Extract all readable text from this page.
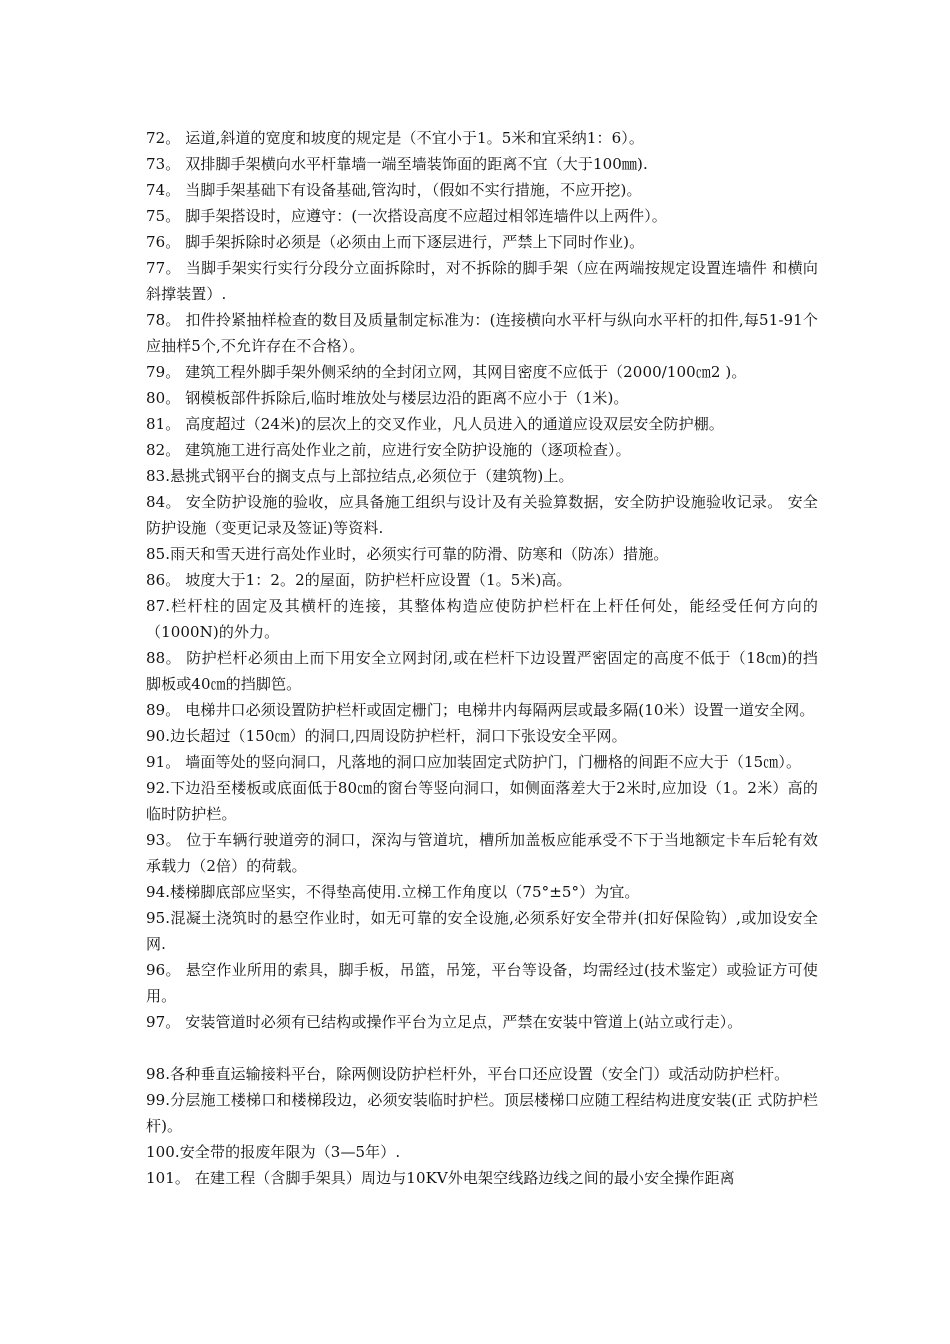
72。 运道,斜道的宽度和坡度的规定是（不宜小于1。5米和宜采纳1：6）。

73。 双排脚手架横向水平杆靠墙一端至墙装饰面的距离不宜（大于100㎜).

74。 当脚手架基础下有设备基础,管沟时，（假如不实行措施，不应开挖)。

75。 脚手架搭设时，应遵守：(一次搭设高度不应超过相邻连墙件以上两件）。

76。 脚手架拆除时必须是（必须由上而下逐层进行，严禁上下同时作业)。

77。 当脚手架实行实行分段分立面拆除时，对不拆除的脚手架（应在两端按规定设置连墙件 和横向斜撑装置）.

78。 扣件拎紧抽样检查的数目及质量制定标准为：(连接横向水平杆与纵向水平杆的扣件,每51-91个应抽样5个,不允许存在不合格）。

79。 建筑工程外脚手架外侧采纳的全封闭立网，其网目密度不应低于（2000/100㎝2 )。

80。 钢模板部件拆除后,临时堆放处与楼层边沿的距离不应小于（1米)。

81。 高度超过（24米)的层次上的交叉作业，凡人员进入的通道应设双层安全防护棚。

82。 建筑施工进行高处作业之前，应进行安全防护设施的（逐项检查）。

83.悬挑式钢平台的搁支点与上部拉结点,必须位于（建筑物)上。

84。 安全防护设施的验收，应具备施工组织与设计及有关验算数据，安全防护设施验收记录。 安全防护设施（变更记录及签证)等资料.

85.雨天和雪天进行高处作业时，必须实行可靠的防滑、防寒和（防冻）措施。

86。 坡度大于1：2。2的屋面，防护栏杆应设置（1。5米)高。

87.栏杆柱的固定及其横杆的连接，其整体构造应使防护栏杆在上杆任何处，能经受任何方向的（1000N)的外力。

88。 防护栏杆必须由上而下用安全立网封闭,或在栏杆下边设置严密固定的高度不低于（18㎝)的挡脚板或40㎝的挡脚笆。

89。 电梯井口必须设置防护栏杆或固定栅门；电梯井内每隔两层或最多隔(10米）设置一道安全网。

90.边长超过（150㎝）的洞口,四周设防护栏杆，洞口下张设安全平网。

91。 墙面等处的竖向洞口，凡落地的洞口应加装固定式防护门，门栅格的间距不应大于（15㎝）。

92.下边沿至楼板或底面低于80㎝的窗台等竖向洞口，如侧面落差大于2米时,应加设（1。2米）高的临时防护栏。

93。 位于车辆行驶道旁的洞口，深沟与管道坑，槽所加盖板应能承受不下于当地额定卡车后轮有效承载力（2倍）的荷载。

94.楼梯脚底部应坚实，不得垫高使用.立梯工作角度以（75°±5°）为宜。

95.混凝土浇筑时的悬空作业时，如无可靠的安全设施,必须系好安全带并(扣好保险钩）,或加设安全网.

96。 悬空作业所用的索具，脚手板，吊篮，吊笼，平台等设备，均需经过(技术鉴定）或验证方可使用。

97。 安装管道时必须有已结构或操作平台为立足点，严禁在安装中管道上(站立或行走）。

98.各种垂直运输接料平台，除两侧设防护栏杆外，平台口还应设置（安全门）或活动防护栏杆。

99.分层施工楼梯口和楼梯段边，必须安装临时护栏。顶层楼梯口应随工程结构进度安装(正 式防护栏杆)。

100.安全带的报废年限为（3—5年）.

101。 在建工程（含脚手架具）周边与10KV外电架空线路边线之间的最小安全操作距离
